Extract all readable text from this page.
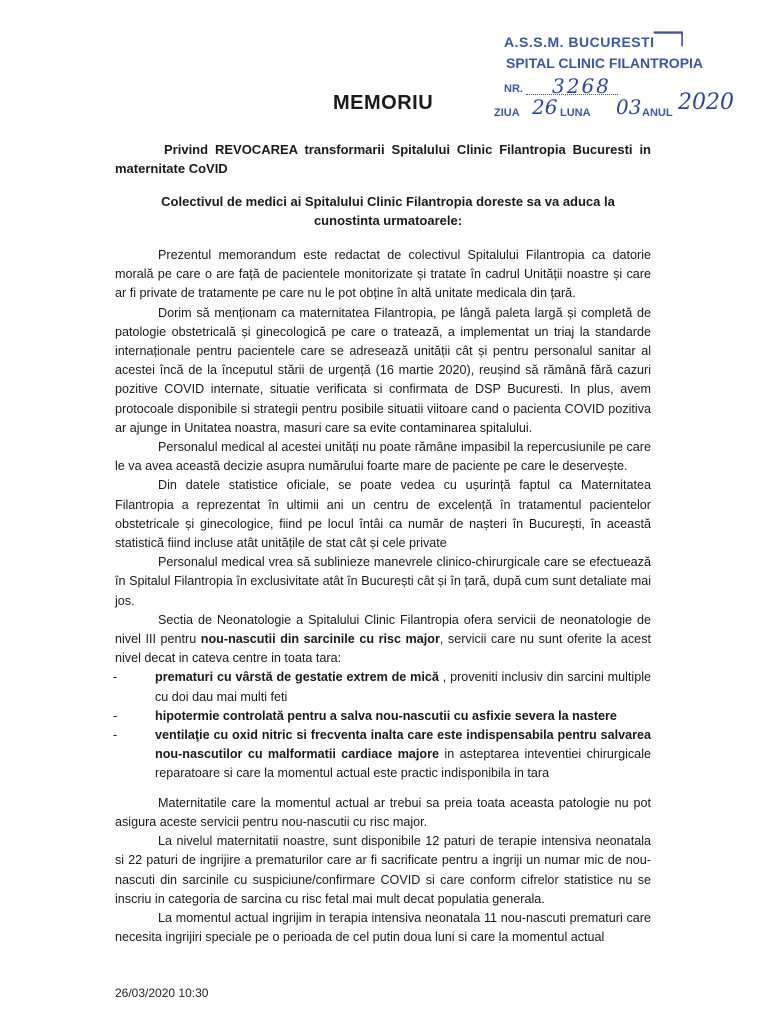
A.S.S.M. BUCURESTI ▔▔▔▏
SPITAL CLINIC FILANTROPIA
NR. 3268
ZIUA 26 LUNA 03 ANUL 2020
MEMORIU

Privind REVOCAREA transformarii Spitalului Clinic Filantropia Bucuresti in maternitate CoVID

Colectivul de medici ai Spitalului Clinic Filantropia doreste sa va aduca la cunostinta urmatoarele:

Prezentul memorandum este redactat de colectivul Spitalului Filantropia ca datorie morală pe care o are față de pacientele monitorizate și tratate în cadrul Unității noastre și care ar fi private de tratamente pe care nu le pot obține în altă unitate medicala din țară.

Dorim să menționam ca maternitatea Filantropia, pe lângă paleta largă și completă de patologie obstetricală și ginecologică pe care o tratează, a implementat un triaj la standarde internaționale pentru pacientele care se adresează unității cât și pentru personalul sanitar al acestei încă de la începutul stării de urgență (16 martie 2020), reușind să rămână fără cazuri pozitive COVID internate, situatie verificata si confirmata de DSP Bucuresti. In plus, avem protocoale disponibile si strategii pentru posibile situatii viitoare cand o pacienta COVID pozitiva ar ajunge in Unitatea noastra, masuri care sa evite contaminarea spitalului.

Personalul medical al acestei unități nu poate rămâne impasibil la repercusiunile pe care le va avea această decizie asupra numărului foarte mare de paciente pe care le deservește.

Din datele statistice oficiale, se poate vedea cu ușurință faptul ca Maternitatea Filantropia a reprezentat în ultimii ani un centru de excelență în tratamentul pacientelor obstetricale și ginecologice, fiind pe locul întâi ca număr de nașteri în București, în această statistică fiind incluse atât unitățile de stat cât și cele private

Personalul medical vrea să sublinieze manevrele clinico-chirurgicale care se efectuează în Spitalul Filantropia în exclusivitate atât în București cât și în țară, după cum sunt detaliate mai jos.

Sectia de Neonatologie a Spitalului Clinic Filantropia ofera servicii de neonatologie de nivel III pentru nou-nascutii din sarcinile cu risc major, servicii care nu sunt oferite la acest nivel decat in cateva centre in toata tara:

- prematuri cu vârstă de gestatie extrem de mică , proveniti inclusiv din sarcini multiple cu doi dau mai multi feti
- hipotermie controlată pentru a salva nou-nascutii cu asfixie severa la nastere
- ventilaţie cu oxid nitric si frecventa inalta care este indispensabila pentru salvarea nou-nascutilor cu malformatii cardiace majore in asteptarea inteventiei chirurgicale reparatoare si care la momentul actual este practic indisponibila in tara

Maternitatile care la momentul actual ar trebui sa preia toata aceasta patologie nu pot asigura aceste servicii pentru nou-nascutii cu risc major.

La nivelul maternitatii noastre, sunt disponibile 12 paturi de terapie intensiva neonatala si 22 paturi de ingrijire a prematurilor care ar fi sacrificate pentru a ingriji un numar mic de nou-nascuti din sarcinile cu suspiciune/confirmare COVID si care conform cifrelor statistice nu se inscriu in categoria de sarcina cu risc fetal mai mult decat populatia generala.

La momentul actual ingrijim in terapia intensiva neonatala 11 nou-nascuti prematuri care necesita ingrijiri speciale pe o perioada de cel putin doua luni si care la momentul actual

26/03/2020 10:30
